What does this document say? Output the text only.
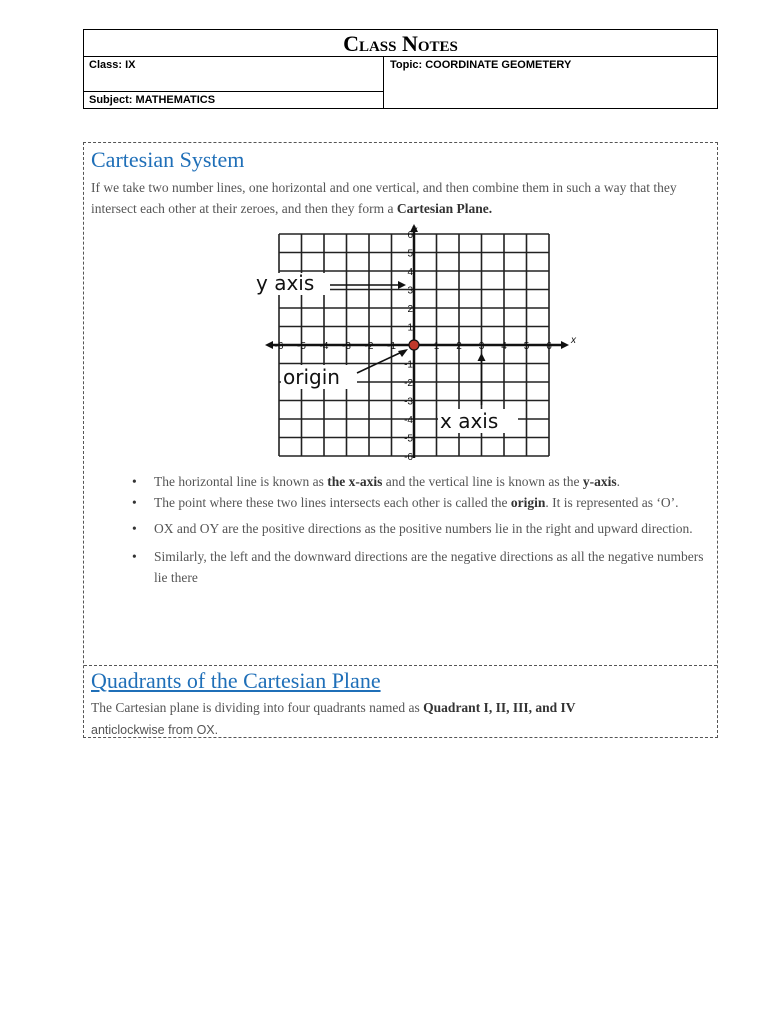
Class Notes
Class: IX
Subject: MATHEMATICS
Topic: COORDINATE GEOMETERY
Cartesian System
If we take two number lines, one horizontal and one vertical, and then combine them in such a way that they intersect each other at their zeroes, and then they form a Cartesian Plane.
x
y
-6 -5 -4 -3 -2 -1	1 2 3 4 5 6
6
5
4
3
2
1
-1
-2
-3
-4
-5
-6
y axis
origin
x axis
• The horizontal line is known as the x-axis and the vertical line is known as the y-axis.
• The point where these two lines intersects each other is called the origin. It is represented as ‘O’.
• OX and OY are the positive directions as the positive numbers lie in the right and upward direction.
• Similarly, the left and the downward directions are the negative directions as all the negative numbers lie there
Quadrants of the Cartesian Plane
The Cartesian plane is dividing into four quadrants named as Quadrant I, II, III, and IV anticlockwise from OX.
